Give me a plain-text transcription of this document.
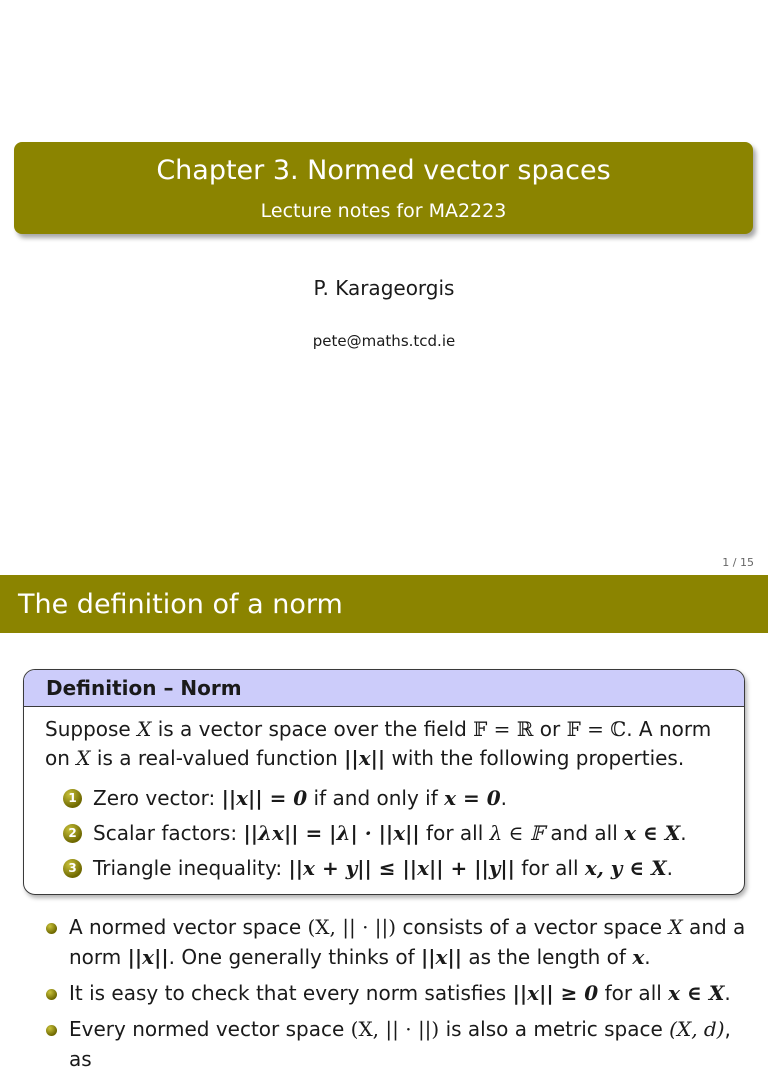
Chapter 3. Normed vector spaces
Lecture notes for MA2223
P. Karageorgis
pete@maths.tcd.ie
1 / 15
The definition of a norm
Definition – Norm
Suppose X is a vector space over the field 𝔽 = ℝ or 𝔽 = ℂ. A norm
on X is a real-valued function ||x|| with the following properties.
1 Zero vector:
||x|| = 0 if and only if x = 0 .
2 Scalar factors:
||λx|| = |λ| · ||x|| for all λ ∈ 𝔽 and all x ∈ X .
3 Triangle inequality:
||x + y|| ≤ ||x|| + ||y|| for all x, y ∈ X .
A normed vector space (X, || · ||) consists of a vector space X and a
norm ||x||. One generally thinks of ||x|| as the length of x.
It is easy to check that every norm satisfies ||x|| ≥ 0 for all x ∈ X.
Every normed vector space (X, || · ||) is also a metric space (X, d), as
